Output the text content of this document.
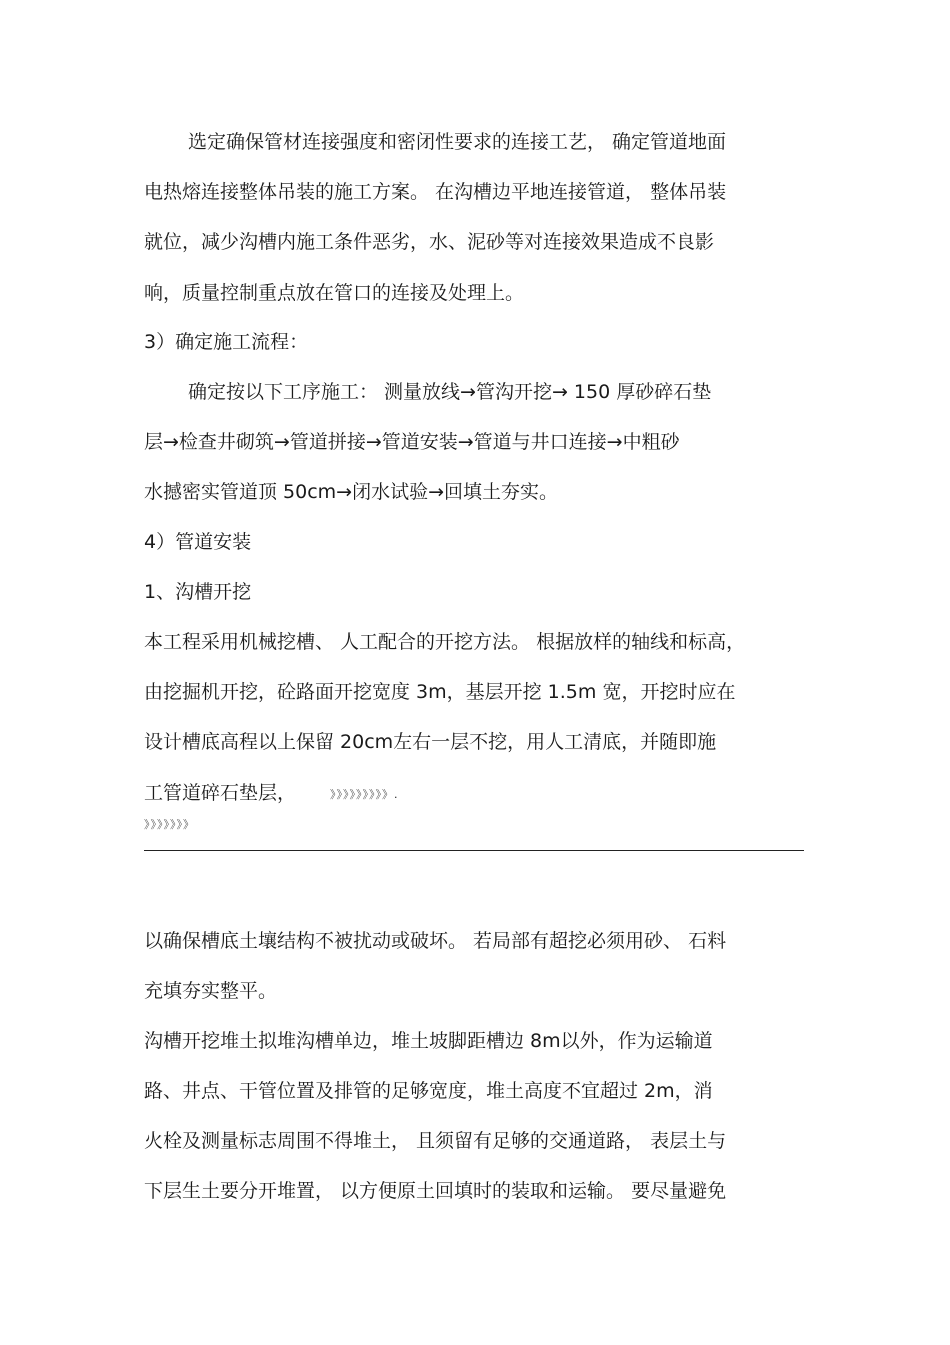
选定确保管材连接强度和密闭性要求的连接工艺， 确定管道地面
电热熔连接整体吊装的施工方案。 在沟槽边平地连接管道， 整体吊装
就位，减少沟槽内施工条件恶劣，水、泥砂等对连接效果造成不良影
响，质量控制重点放在管口的连接及处理上。
3）确定施工流程：
确定按以下工序施工： 测量放线→管沟开挖→ 150 厚砂碎石垫
层→检查井砌筑→管道拼接→管道安装→管道与井口连接→中粗砂
水撼密实管道顶 50cm→闭水试验→回填土夯实。
4）管道安装
1、沟槽开挖
本工程采用机械挖槽、 人工配合的开挖方法。 根据放样的轴线和标高，
由挖掘机开挖，砼路面开挖宽度 3m，基层开挖 1.5m 宽，开挖时应在
设计槽底高程以上保留 20cm左右一层不挖，用人工清底，并随即施
工管道碎石垫层，	》》》》》》》》》.
》》》》》》》
以确保槽底土壤结构不被扰动或破坏。 若局部有超挖必须用砂、 石料
充填夯实整平。
沟槽开挖堆土拟堆沟槽单边，堆土坡脚距槽边 8m以外，作为运输道
路、井点、干管位置及排管的足够宽度，堆土高度不宜超过 2m，消
火栓及测量标志周围不得堆土， 且须留有足够的交通道路， 表层土与
下层生土要分开堆置， 以方便原土回填时的装取和运输。 要尽量避免
